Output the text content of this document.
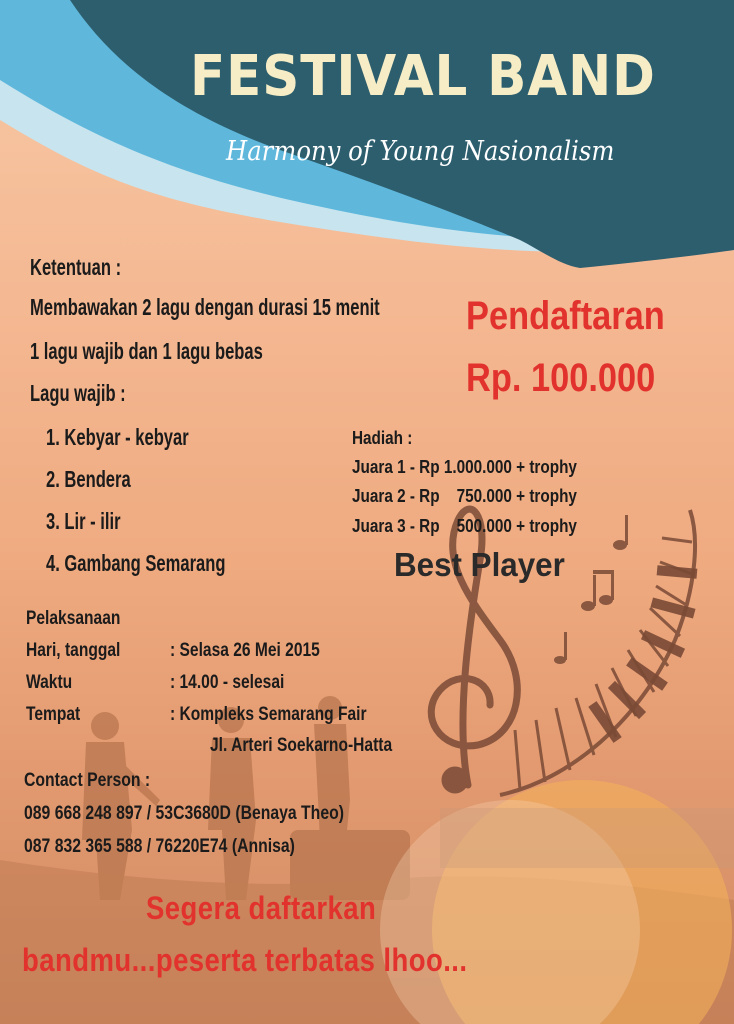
FESTIVAL BAND
Harmony of Young Nasionalism
Ketentuan :
Membawakan 2 lagu dengan durasi 15 menit
1 lagu wajib dan 1 lagu bebas
Lagu wajib :
1. Kebyar - kebyar
2. Bendera
3. Lir - ilir
4. Gambang Semarang
Pendaftaran
Rp. 100.000
Hadiah :
Juara 1 - Rp 1.000.000 + trophy
Juara 2 - Rp    750.000 + trophy
Juara 3 - Rp    500.000 + trophy
Best Player
Pelaksanaan
Hari, tanggal	: Selasa 26 Mei 2015
Waktu	: 14.00 - selesai
Tempat	: Kompleks Semarang Fair
Jl. Arteri Soekarno-Hatta
Contact Person :
089 668 248 897 / 53C3680D (Benaya Theo)
087 832 365 588 / 76220E74 (Annisa)
Segera daftarkan
bandmu...peserta terbatas lhoo...
